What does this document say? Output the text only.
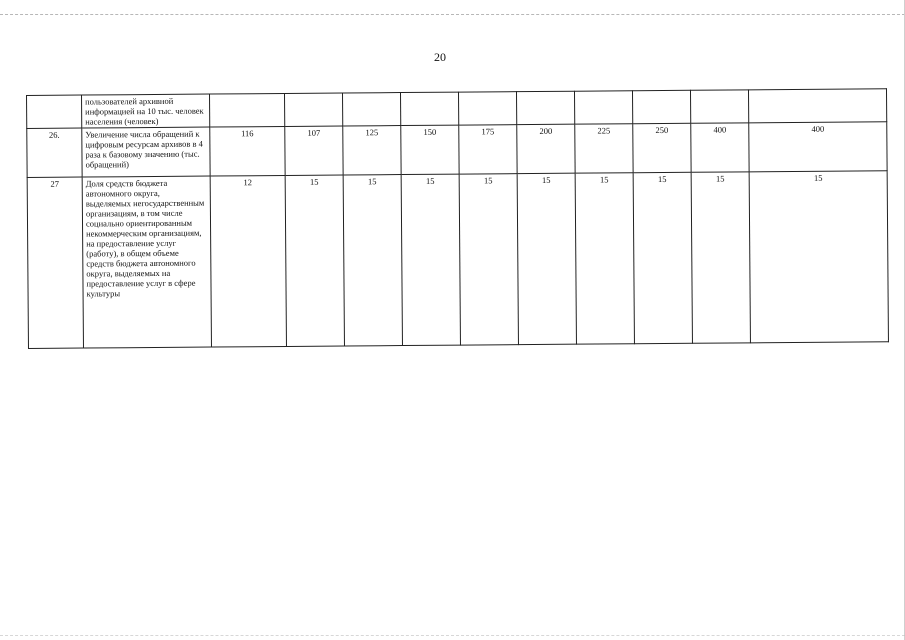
20
	пользователей архивной информацией на 10 тыс. человек населения (человек)										
26.	Увеличение числа обращений к цифровым ресурсам архивов в 4 раза к базовому значению (тыс. обращений)	116	107	125	150	175	200	225	250	400	400
27	Доля средств бюджета автономного округа, выделяемых негосударственным организациям, в том числе социально ориентированным некоммерческим организациям, на предоставление услуг (работу), в общем объеме средств бюджета автономного округа, выделяемых на предоставление услуг в сфере культуры	12	15	15	15	15	15	15	15	15	15
